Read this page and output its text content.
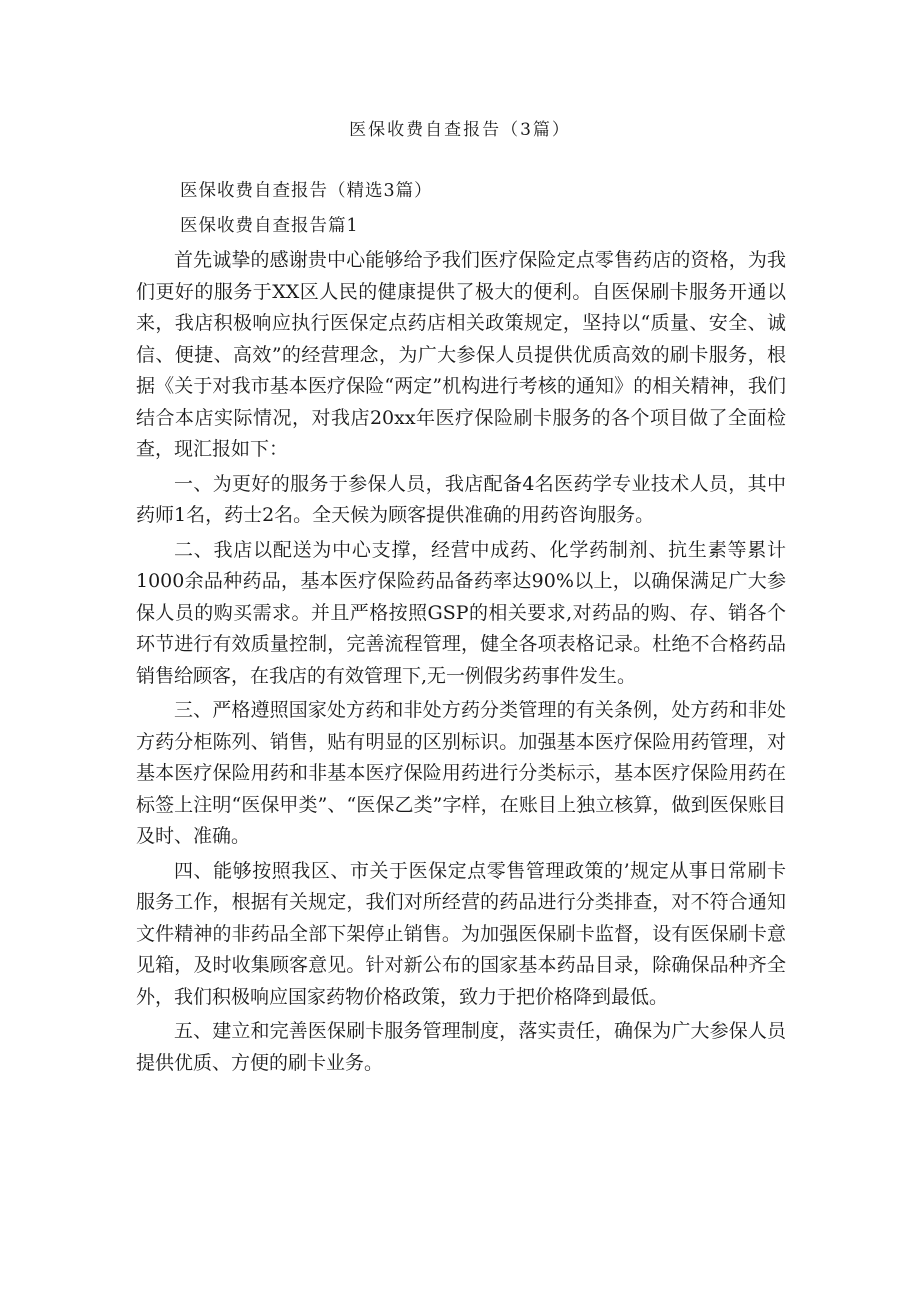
医保收费自查报告（3篇）

医保收费自查报告（精选3篇）

医保收费自查报告篇1

首先诚挚的感谢贵中心能够给予我们医疗保险定点零售药店的资格，为我们更好的服务于XX区人民的健康提供了极大的便利。自医保刷卡服务开通以来，我店积极响应执行医保定点药店相关政策规定，坚持以“质量、安全、诚信、便捷、高效”的经营理念，为广大参保人员提供优质高效的刷卡服务，根据《关于对我市基本医疗保险“两定”机构进行考核的通知》的相关精神，我们结合本店实际情况，对我店20xx年医疗保险刷卡服务的各个项目做了全面检查，现汇报如下：

一、为更好的服务于参保人员，我店配备4名医药学专业技术人员，其中药师1名，药士2名。全天候为顾客提供准确的用药咨询服务。

二、我店以配送为中心支撑，经营中成药、化学药制剂、抗生素等累计1000余品种药品，基本医疗保险药品备药率达90%以上，以确保满足广大参保人员的购买需求。并且严格按照GSP的相关要求,对药品的购、存、销各个环节进行有效质量控制，完善流程管理，健全各项表格记录。杜绝不合格药品销售给顾客，在我店的有效管理下,无一例假劣药事件发生。

三、严格遵照国家处方药和非处方药分类管理的有关条例，处方药和非处方药分柜陈列、销售，贴有明显的区别标识。加强基本医疗保险用药管理，对基本医疗保险用药和非基本医疗保险用药进行分类标示，基本医疗保险用药在标签上注明“医保甲类”、“医保乙类”字样，在账目上独立核算，做到医保账目及时、准确。

四、能够按照我区、市关于医保定点零售管理政策的’规定从事日常刷卡服务工作，根据有关规定，我们对所经营的药品进行分类排查，对不符合通知文件精神的非药品全部下架停止销售。为加强医保刷卡监督，设有医保刷卡意见箱，及时收集顾客意见。针对新公布的国家基本药品目录，除确保品种齐全外，我们积极响应国家药物价格政策，致力于把价格降到最低。

五、建立和完善医保刷卡服务管理制度，落实责任，确保为广大参保人员提供优质、方便的刷卡业务。
